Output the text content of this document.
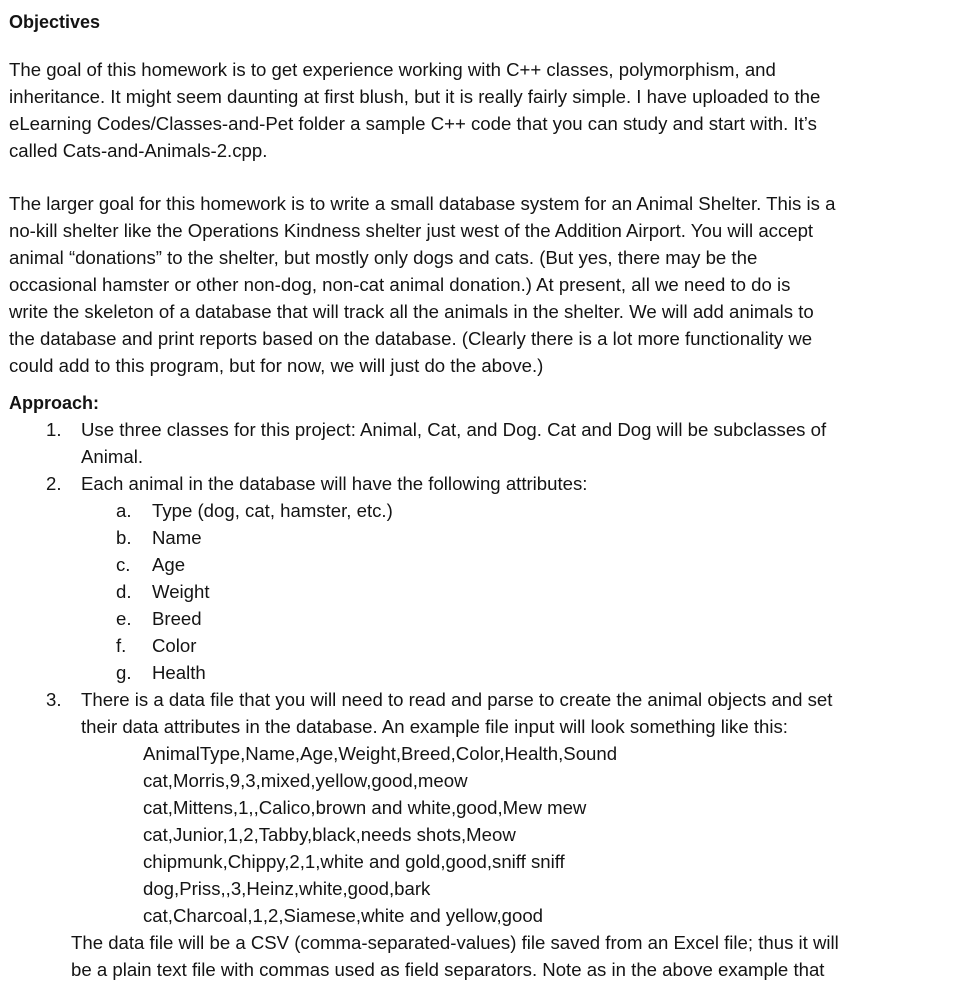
Objectives
The goal of this homework is to get experience working with C++ classes, polymorphism, and
inheritance. It might seem daunting at first blush, but it is really fairly simple. I have uploaded to the
eLearning Codes/Classes-and-Pet folder a sample C++ code that you can study and start with. It’s
called Cats-and-Animals-2.cpp.
The larger goal for this homework is to write a small database system for an Animal Shelter. This is a
no-kill shelter like the Operations Kindness shelter just west of the Addition Airport. You will accept
animal “donations” to the shelter, but mostly only dogs and cats. (But yes, there may be the
occasional hamster or other non-dog, non-cat animal donation.) At present, all we need to do is
write the skeleton of a database that will track all the animals in the shelter. We will add animals to
the database and print reports based on the database. (Clearly there is a lot more functionality we
could add to this program, but for now, we will just do the above.)
Approach:
1. Use three classes for this project: Animal, Cat, and Dog. Cat and Dog will be subclasses of
Animal.
2. Each animal in the database will have the following attributes:
a. Type (dog, cat, hamster, etc.)
b. Name
c. Age
d. Weight
e. Breed
f. Color
g. Health
3. There is a data file that you will need to read and parse to create the animal objects and set
their data attributes in the database. An example file input will look something like this:
AnimalType,Name,Age,Weight,Breed,Color,Health,Sound
cat,Morris,9,3,mixed,yellow,good,meow
cat,Mittens,1,,Calico,brown and white,good,Mew mew
cat,Junior,1,2,Tabby,black,needs shots,Meow
chipmunk,Chippy,2,1,white and gold,good,sniff sniff
dog,Priss,,3,Heinz,white,good,bark
cat,Charcoal,1,2,Siamese,white and yellow,good
The data file will be a CSV (comma-separated-values) file saved from an Excel file; thus it will
be a plain text file with commas used as field separators. Note as in the above example that
